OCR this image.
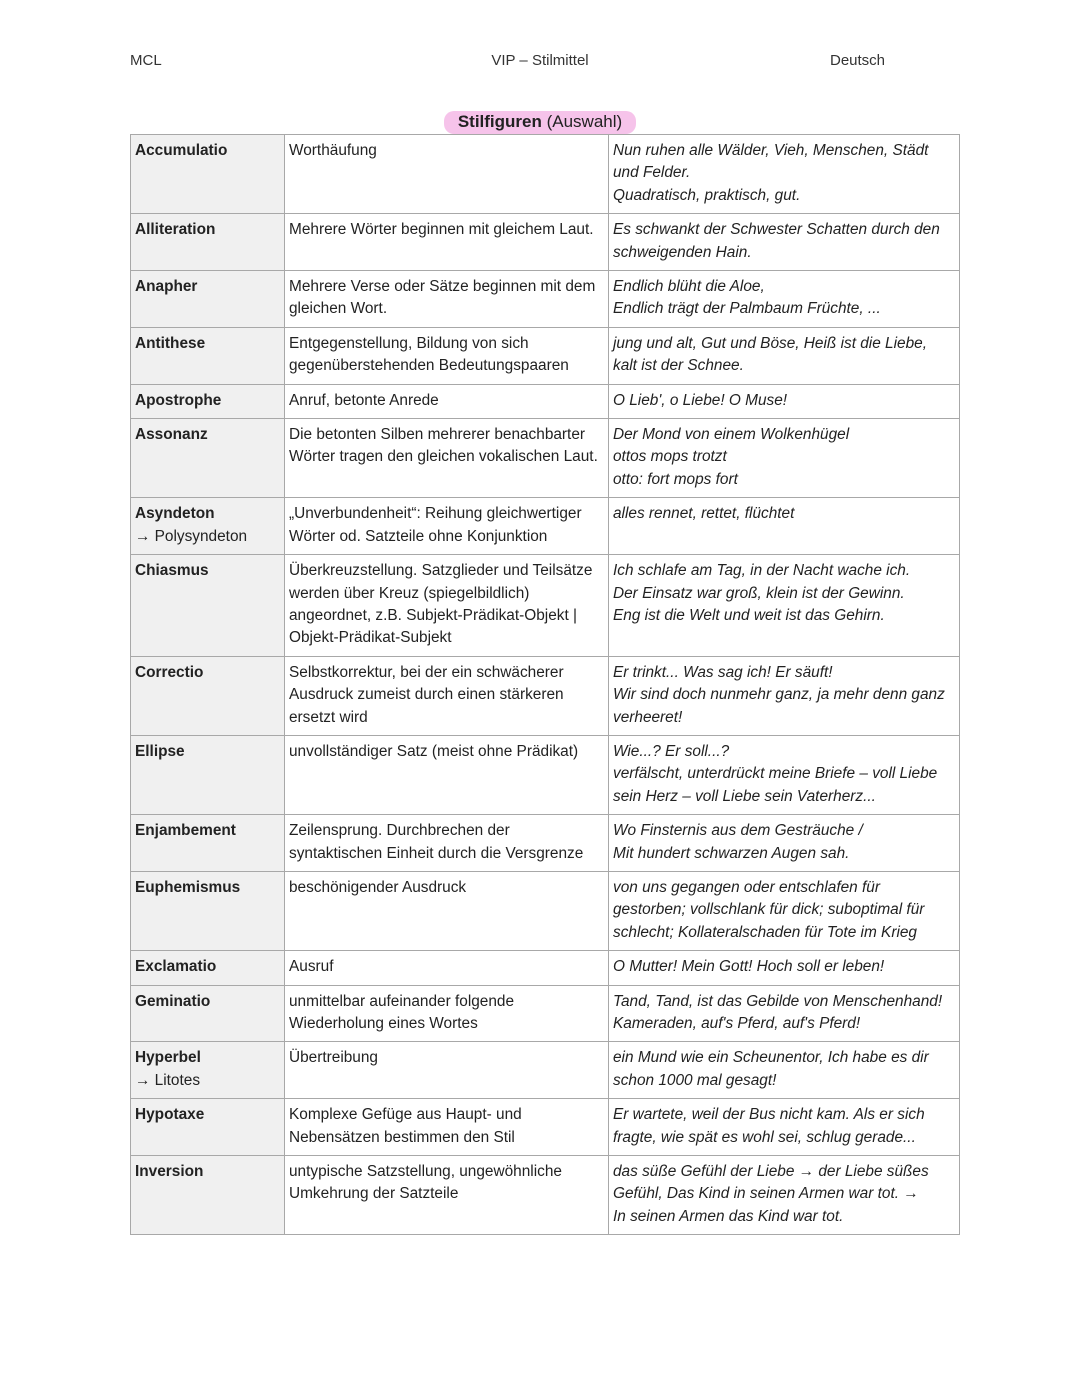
MCL	VIP – Stilmittel	Deutsch
Stilfiguren (Auswahl)
Accumulatio	Worthäufung	Nun ruhen alle Wälder, Vieh, Menschen, Städt und Felder.
Quadratisch, praktisch, gut.

Alliteration	Mehrere Wörter beginnen mit gleichem Laut.	Es schwankt der Schwester Schatten durch den schweigenden Hain.

Anapher	Mehrere Verse oder Sätze beginnen mit dem gleichen Wort.	Endlich blüht die Aloe,
Endlich trägt der Palmbaum Früchte, ...

Antithese	Entgegenstellung, Bildung von sich gegenüberstehenden Bedeutungspaaren	jung und alt, Gut und Böse, Heiß ist die Liebe, kalt ist der Schnee.

Apostrophe	Anruf, betonte Anrede	O Lieb', o Liebe! O Muse!

Assonanz	Die betonten Silben mehrerer benachbarter Wörter tragen den gleichen vokalischen Laut.	Der Mond von einem Wolkenhügel
ottos mops trotzt
otto: fort mops fort

Asyndeton
→ Polysyndeton	„Unverbundenheit“: Reihung gleichwertiger Wörter od. Satzteile ohne Konjunktion	alles rennet, rettet, flüchtet

Chiasmus	Überkreuzstellung. Satzglieder und Teilsätze werden über Kreuz (spiegelbildlich) angeordnet, z.B. Subjekt-Prädikat-Objekt | Objekt-Prädikat-Subjekt	Ich schlafe am Tag, in der Nacht wache ich.
Der Einsatz war groß, klein ist der Gewinn.
Eng ist die Welt und weit ist das Gehirn.

Correctio	Selbstkorrektur, bei der ein schwächerer Ausdruck zumeist durch einen stärkeren ersetzt wird	Er trinkt... Was sag ich! Er säuft!
Wir sind doch nunmehr ganz, ja mehr denn ganz verheeret!

Ellipse	unvollständiger Satz (meist ohne Prädikat)	Wie...? Er soll...?
verfälscht, unterdrückt meine Briefe – voll Liebe sein Herz – voll Liebe sein Vaterherz...

Enjambement	Zeilensprung. Durchbrechen der syntaktischen Einheit durch die Versgrenze	Wo Finsternis aus dem Gesträuche /
Mit hundert schwarzen Augen sah.

Euphemismus	beschönigender Ausdruck	von uns gegangen oder entschlafen für gestorben; vollschlank für dick; suboptimal für schlecht; Kollateralschaden für Tote im Krieg

Exclamatio	Ausruf	O Mutter! Mein Gott! Hoch soll er leben!

Geminatio	unmittelbar aufeinander folgende Wiederholung eines Wortes	Tand, Tand, ist das Gebilde von Menschenhand! Kameraden, auf's Pferd, auf's Pferd!

Hyperbel
→ Litotes	Übertreibung	ein Mund wie ein Scheunentor, Ich habe es dir schon 1000 mal gesagt!

Hypotaxe	Komplexe Gefüge aus Haupt- und Nebensätzen bestimmen den Stil	Er wartete, weil der Bus nicht kam. Als er sich fragte, wie spät es wohl sei, schlug gerade...

Inversion	untypische Satzstellung, ungewöhnliche Umkehrung der Satzteile	das süße Gefühl der Liebe → der Liebe süßes Gefühl, Das Kind in seinen Armen war tot. →
In seinen Armen das Kind war tot.
